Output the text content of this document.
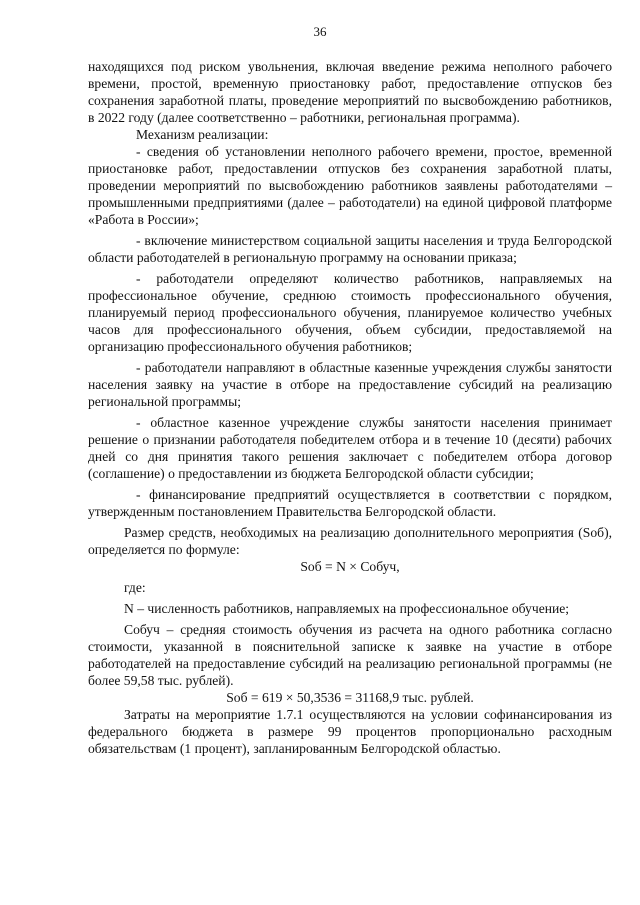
36

находящихся под риском увольнения, включая введение режима неполного рабочего времени, простой, временную приостановку работ, предоставление отпусков без сохранения заработной платы, проведение мероприятий по высвобождению работников, в 2022 году (далее соответственно – работники, региональная программа).

Механизм реализации:

- сведения об установлении неполного рабочего времени, простое, временной приостановке работ, предоставлении отпусков без сохранения заработной платы, проведении мероприятий по высвобождению работников заявлены работодателями – промышленными предприятиями (далее – работодатели) на единой цифровой платформе «Работа в России»;

- включение министерством социальной защиты населения и труда Белгородской области работодателей в региональную программу на основании приказа;

- работодатели определяют количество работников, направляемых на профессиональное обучение, среднюю стоимость профессионального обучения, планируемый период профессионального обучения, планируемое количество учебных часов для профессионального обучения, объем субсидии, предоставляемой на организацию профессионального обучения работников;

- работодатели направляют в областные казенные учреждения службы занятости населения заявку на участие в отборе на предоставление субсидий на реализацию региональной программы;

- областное казенное учреждение службы занятости населения принимает решение о признании работодателя победителем отбора и в течение 10 (десяти) рабочих дней со дня принятия такого решения заключает с победителем отбора договор (соглашение) о предоставлении из бюджета Белгородской области субсидии;

- финансирование предприятий осуществляется в соответствии с порядком, утвержденным постановлением Правительства Белгородской области.

Размер средств, необходимых на реализацию дополнительного мероприятия (Sоб), определяется по формуле:

Sоб = N × Cобуч,

где:

N – численность работников, направляемых на профессиональное обучение;

Cобуч – средняя стоимость обучения из расчета на одного работника согласно стоимости, указанной в пояснительной записке к заявке на участие в отборе работодателей на предоставление субсидий на реализацию региональной программы (не более 59,58 тыс. рублей).

Sоб = 619 × 50,3536 = 31168,9 тыс. рублей.

Затраты на мероприятие 1.7.1 осуществляются на условии софинансирования из федерального бюджета в размере 99 процентов пропорционально расходным обязательствам (1 процент), запланированным Белгородской областью.
